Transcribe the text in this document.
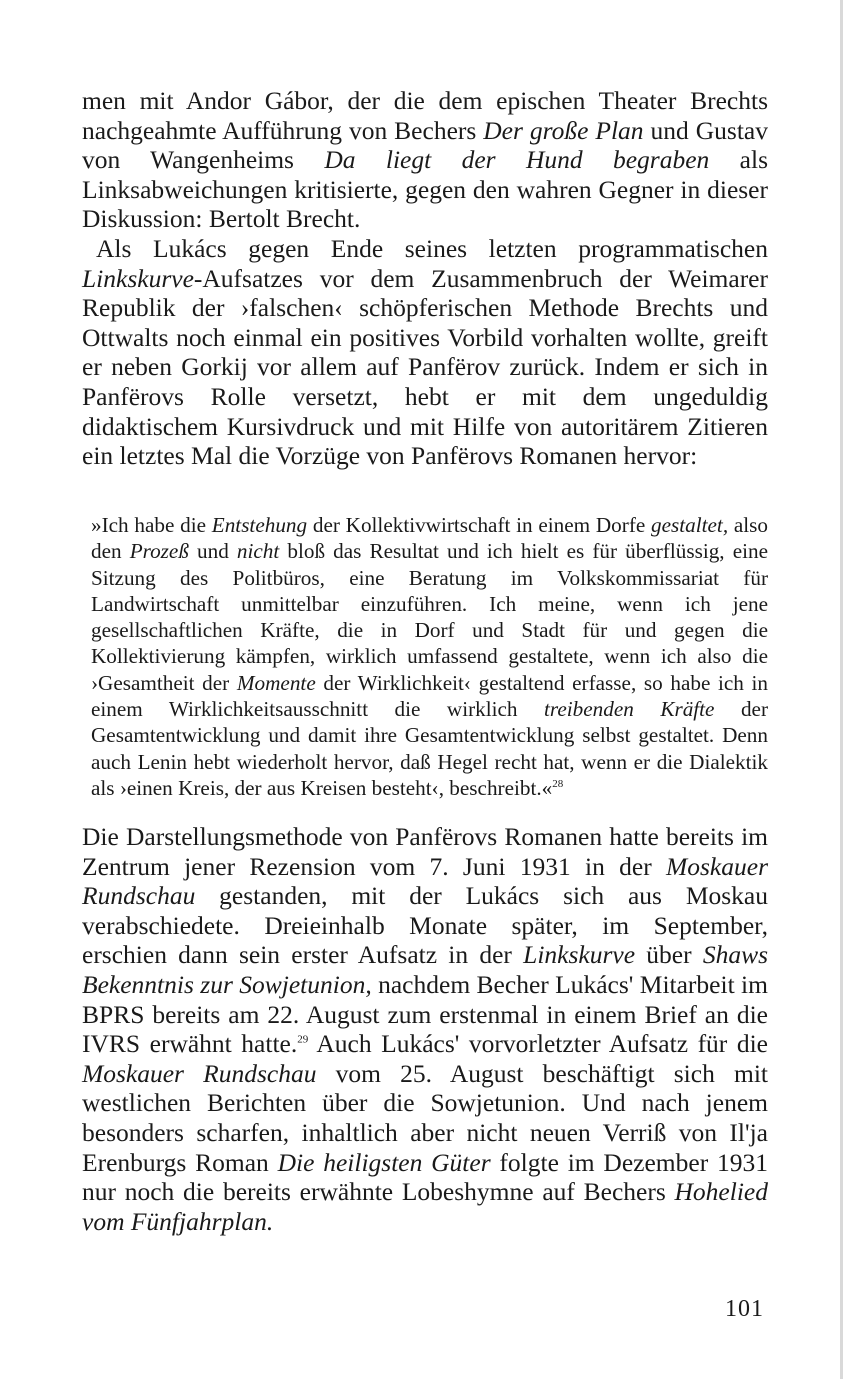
men mit Andor Gábor, der die dem epischen Theater Brechts nachgeahmte Aufführung von Bechers Der große Plan und Gustav von Wangenheims Da liegt der Hund begraben als Linksabweichungen kritisierte, gegen den wahren Gegner in dieser Diskussion: Bertolt Brecht.

Als Lukács gegen Ende seines letzten programmatischen Linkskurve-Aufsatzes vor dem Zusammenbruch der Weimarer Republik der ›falschen‹ schöpferischen Methode Brechts und Ottwalts noch einmal ein positives Vorbild vorhalten wollte, greift er neben Gorkij vor allem auf Panfërov zurück. Indem er sich in Panfërovs Rolle versetzt, hebt er mit dem ungeduldig didaktischem Kursivdruck und mit Hilfe von autoritärem Zitieren ein letztes Mal die Vorzüge von Panfërovs Romanen hervor:

»Ich habe die Entstehung der Kollektivwirtschaft in einem Dorfe gestaltet, also den Prozeß und nicht bloß das Resultat und ich hielt es für überflüssig, eine Sitzung des Politbüros, eine Beratung im Volkskommissariat für Landwirtschaft unmittelbar einzuführen. Ich meine, wenn ich jene gesellschaftlichen Kräfte, die in Dorf und Stadt für und gegen die Kollektivierung kämpfen, wirklich umfassend gestaltete, wenn ich also die ›Gesamtheit der Momente der Wirklichkeit‹ gestaltend erfasse, so habe ich in einem Wirklichkeitsausschnitt die wirklich treibenden Kräfte der Gesamtentwicklung und damit ihre Gesamtentwicklung selbst gestaltet. Denn auch Lenin hebt wiederholt hervor, daß Hegel recht hat, wenn er die Dialektik als ›einen Kreis, der aus Kreisen besteht‹, beschreibt.«$^{28}$

Die Darstellungsmethode von Panfërovs Romanen hatte bereits im Zentrum jener Rezension vom 7. Juni 1931 in der Moskauer Rundschau gestanden, mit der Lukács sich aus Moskau verabschiedete. Dreieinhalb Monate später, im September, erschien dann sein erster Aufsatz in der Linkskurve über Shaws Bekenntnis zur Sowjetunion, nachdem Becher Lukács' Mitarbeit im BPRS bereits am 22. August zum erstenmal in einem Brief an die IVRS erwähnt hatte.$^{29}$ Auch Lukács' vorvorletzter Aufsatz für die Moskauer Rundschau vom 25. August beschäftigt sich mit westlichen Berichten über die Sowjetunion. Und nach jenem besonders scharfen, inhaltlich aber nicht neuen Verriß von Il'ja Erenburgs Roman Die heiligsten Güter folgte im Dezember 1931 nur noch die bereits erwähnte Lobeshymne auf Bechers Hohelied vom Fünfjahrplan.

101
